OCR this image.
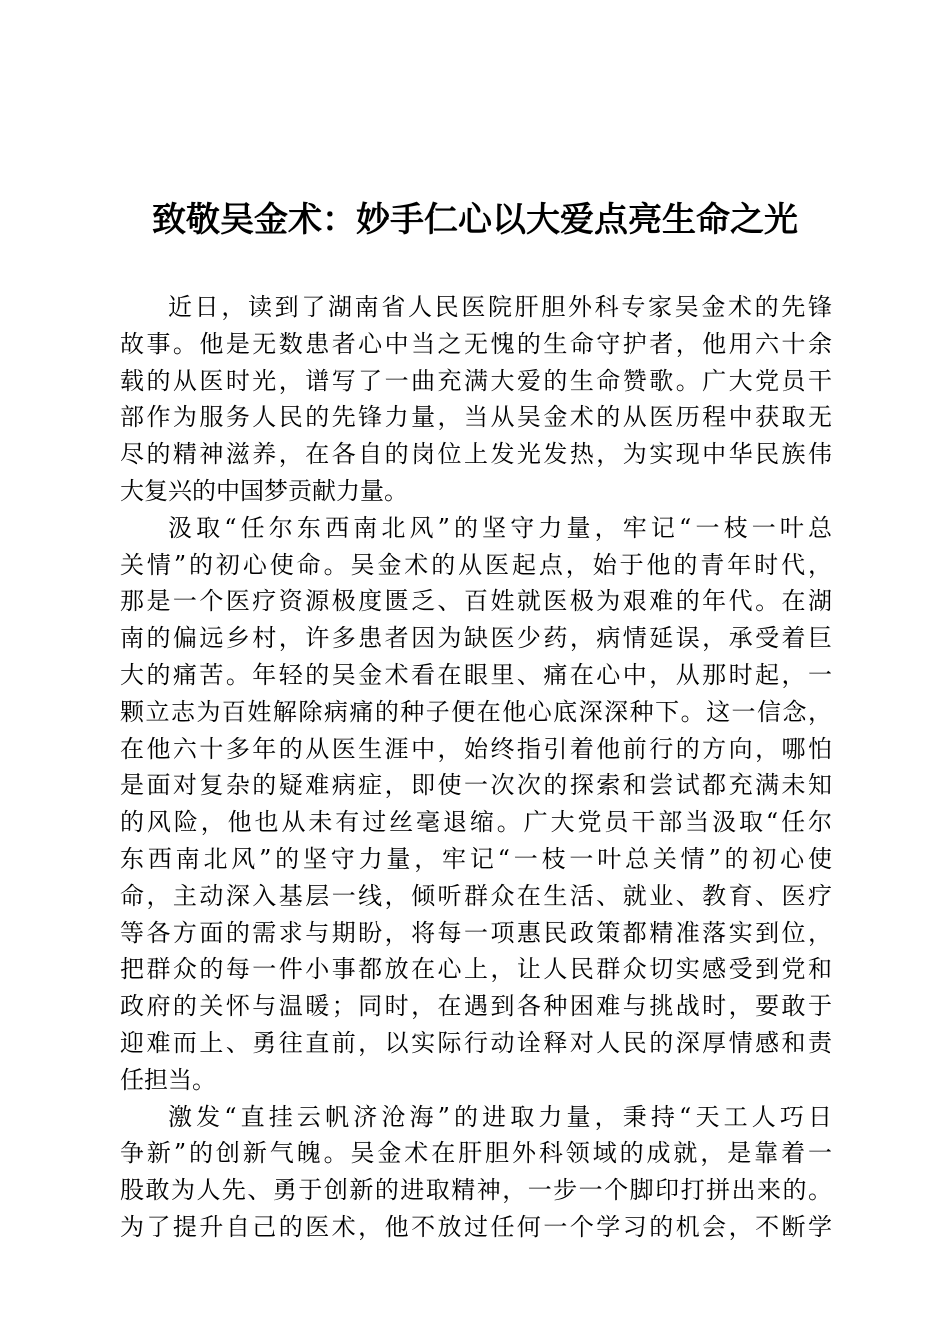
致敬吴金术：妙手仁心以大爱点亮生命之光

近日，读到了湖南省人民医院肝胆外科专家吴金术的先锋
故事。他是无数患者心中当之无愧的生命守护者，他用六十余
载的从医时光，谱写了一曲充满大爱的生命赞歌。广大党员干
部作为服务人民的先锋力量，当从吴金术的从医历程中获取无
尽的精神滋养，在各自的岗位上发光发热，为实现中华民族伟
大复兴的中国梦贡献力量。

汲取“任尔东西南北风”的坚守力量，牢记“一枝一叶总
关情”的初心使命。吴金术的从医起点，始于他的青年时代，
那是一个医疗资源极度匮乏、百姓就医极为艰难的年代。在湖
南的偏远乡村，许多患者因为缺医少药，病情延误，承受着巨
大的痛苦。年轻的吴金术看在眼里、痛在心中，从那时起，一
颗立志为百姓解除病痛的种子便在他心底深深种下。这一信念，
在他六十多年的从医生涯中，始终指引着他前行的方向，哪怕
是面对复杂的疑难病症，即使一次次的探索和尝试都充满未知
的风险，他也从未有过丝毫退缩。广大党员干部当汲取“任尔
东西南北风”的坚守力量，牢记“一枝一叶总关情”的初心使
命，主动深入基层一线，倾听群众在生活、就业、教育、医疗
等各方面的需求与期盼，将每一项惠民政策都精准落实到位，
把群众的每一件小事都放在心上，让人民群众切实感受到党和
政府的关怀与温暖；同时，在遇到各种困难与挑战时，要敢于
迎难而上、勇往直前，以实际行动诠释对人民的深厚情感和责
任担当。

激发“直挂云帆济沧海”的进取力量，秉持“天工人巧日
争新”的创新气魄。吴金术在肝胆外科领域的成就，是靠着一
股敢为人先、勇于创新的进取精神，一步一个脚印打拼出来的。
为了提升自己的医术，他不放过任何一个学习的机会，不断学
